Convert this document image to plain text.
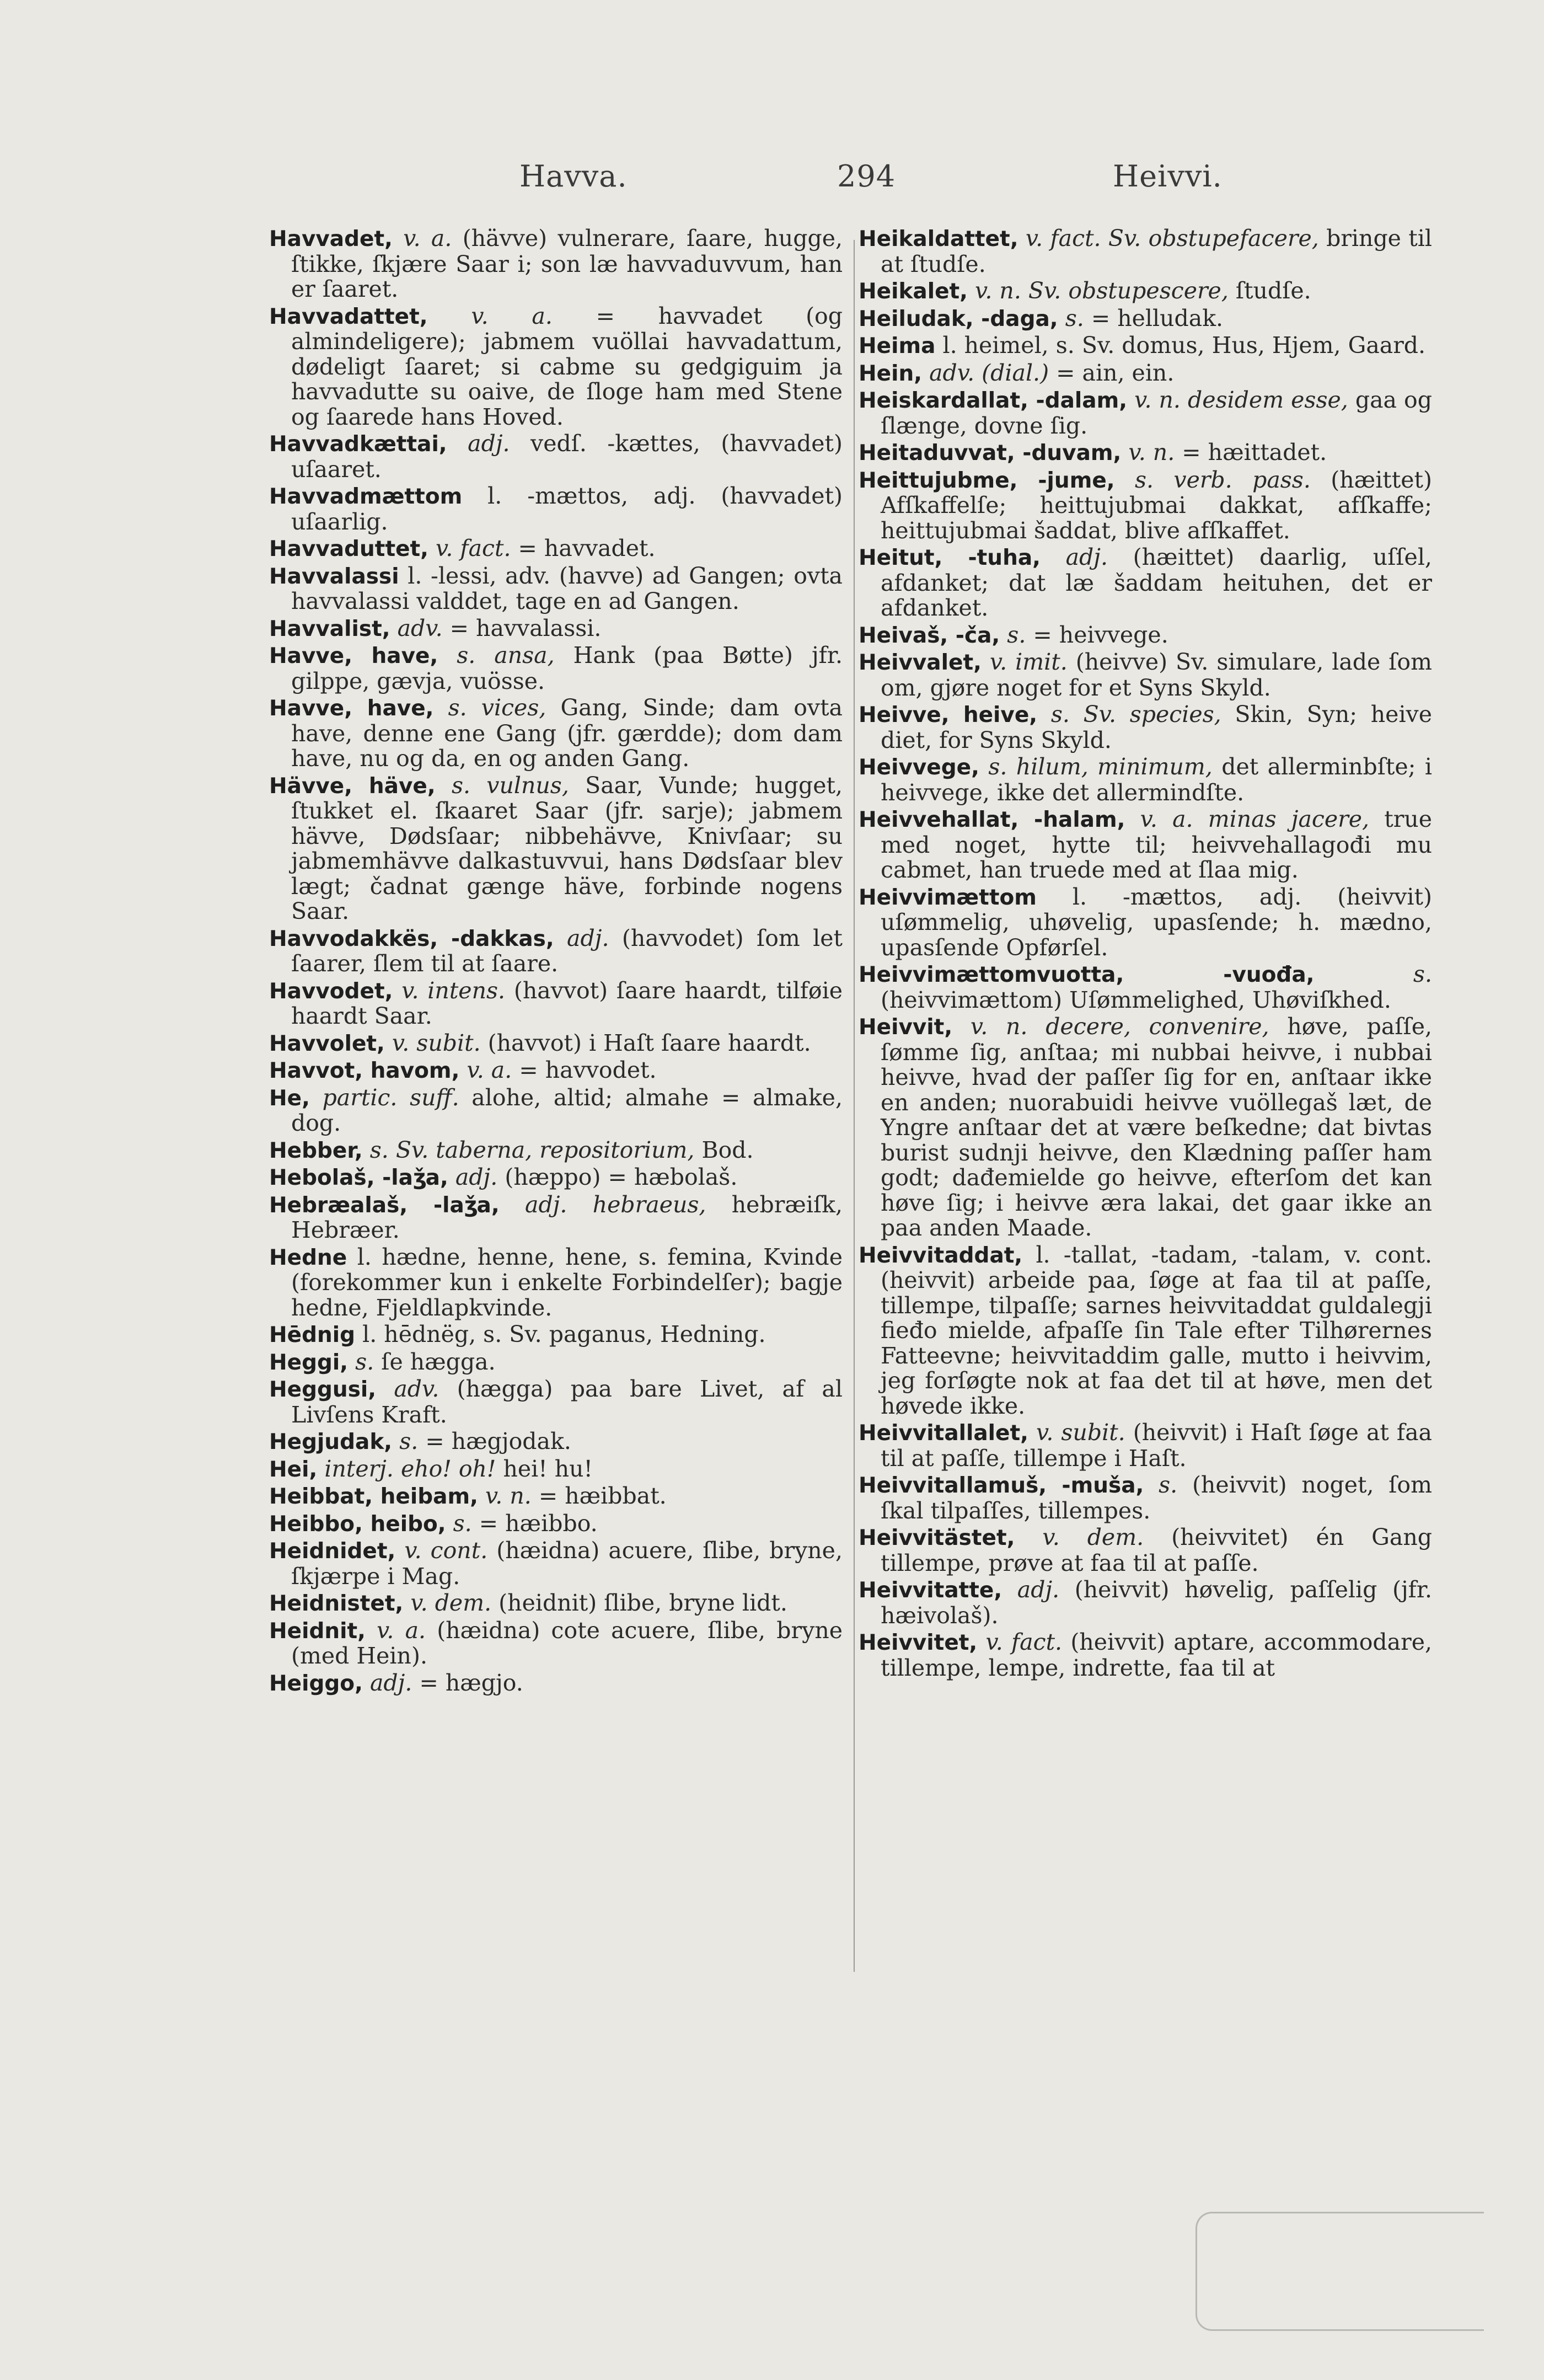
Havva.	294	Heivvi.

Havvadet, v. a. (hävve) vulnerare, ſaare, hugge, ſtikke, ſkjære Saar i; son læ havvaduvvum, han er ſaaret.

Havvadattet, v. a. = havvadet (og almindeligere); jabmem vuöllai havvadattum, dødeligt ſaaret; si cabme su gedgiguim ja havvadutte su oaive, de ſloge ham med Stene og ſaarede hans Hoved.

Havvadkættai, adj. vedſ. -kættes, (havvadet) uſaaret.

Havvadmættom l. -mættos, adj. (havvadet) uſaarlig.

Havvaduttet, v. fact. = havvadet.

Havvalassi l. -lessi, adv. (havve) ad Gangen; ovta havvalassi valddet, tage en ad Gangen.

Havvalist, adv. = havvalassi.

Havve, have, s. ansa, Hank (paa Bøtte) jfr. gilppe, gævja, vuösse.

Havve, have, s. vices, Gang, Sinde; dam ovta have, denne ene Gang (jfr. gærdde); dom dam have, nu og da, en og anden Gang.

Hävve, häve, s. vulnus, Saar, Vunde; hugget, ſtukket el. ſkaaret Saar (jfr. sarje); jabmem hävve, Dødsſaar; nibbehävve, Knivſaar; su jabmemhävve dalkastuvvui, hans Dødsſaar blev lægt; čadnat gænge häve, forbinde nogens Saar.

Havvodakkës, -dakkas, adj. (havvodet) ſom let ſaarer, ſlem til at ſaare.

Havvodet, v. intens. (havvot) ſaare haardt, tilføie haardt Saar.

Havvolet, v. subit. (havvot) i Haſt ſaare haardt.

Havvot, havom, v. a. = havvodet.

He, partic. suff. alohe, altid; almahe = almake, dog.

Hebber, s. Sv. taberna, repositorium, Bod.

Hebolaš, -laǯa, adj. (hæppo) = hæbolaš.

Hebræalaš, -laǯa, adj. hebraeus, hebræiſk, Hebræer.

Hedne l. hædne, henne, hene, s. femina, Kvinde (forekommer kun i enkelte Forbindelſer); bagje hedne, Fjeldlapkvinde.

Hēdnig l. hēdnëg, s. Sv. paganus, Hedning.

Heggi, s. ſe hægga.

Heggusi, adv. (hægga) paa bare Livet, af al Livſens Kraft.

Hegjudak, s. = hægjodak.

Hei, interj. eho! oh! hei! hu!

Heibbat, heibam, v. n. = hæibbat.

Heibbo, heibo, s. = hæibbo.

Heidnidet, v. cont. (hæidna) acuere, ſlibe, bryne, ſkjærpe i Mag.

Heidnistet, v. dem. (heidnit) ſlibe, bryne lidt.

Heidnit, v. a. (hæidna) cote acuere, ſlibe, bryne (med Hein).

Heiggo, adj. = hægjo.

Heikaldattet, v. fact. Sv. obstupefacere, bringe til at ſtudſe.

Heikalet, v. n. Sv. obstupescere, ſtudſe.

Heiludak, -daga, s. = helludak.

Heima l. heimel, s. Sv. domus, Hus, Hjem, Gaard.

Hein, adv. (dial.) = ain, ein.

Heiskardallat, -dalam, v. n. desidem esse, gaa og ſlænge, dovne ſig.

Heitaduvvat, -duvam, v. n. = hæittadet.

Heittujubme, -jume, s. verb. pass. (hæittet) Afſkaffelſe; heittujubmai dakkat, afſkaffe; heittujubmai šaddat, blive afſkaffet.

Heitut, -tuha, adj. (hæittet) daarlig, uſſel, afdanket; dat læ šaddam heituhen, det er afdanket.

Heivaš, -ča, s. = heivvege.

Heivvalet, v. imit. (heivve) Sv. simulare, lade ſom om, gjøre noget for et Syns Skyld.

Heivve, heive, s. Sv. species, Skin, Syn; heive diet, for Syns Skyld.

Heivvege, s. hilum, minimum, det allerminbſte; i heivvege, ikke det allermindſte.

Heivvehallat, -halam, v. a. minas jacere, true med noget, hytte til; heivvehallagođi mu cabmet, han truede med at ſlaa mig.

Heivvimættom l. -mættos, adj. (heivvit) uſømmelig, uhøvelig, upasſende; h. mædno, upasſende Opførſel.

Heivvimættomvuotta, -vuođa,	s. (heivvimættom) Uſømmelighed, Uhøviſkhed.

Heivvit, v. n. decere, convenire, høve, paſſe, ſømme ſig, anſtaa; mi nubbai heivve, i nubbai heivve, hvad der paſſer ſig for en, anſtaar ikke en anden; nuorabuidi heivve vuöllegaš læt, de Yngre anſtaar det at være beſkedne; dat bivtas burist sudnji heivve, den Klædning paſſer ham godt; dađemielde go heivve, efterſom det kan høve ſig; i heivve æra lakai, det gaar ikke an paa anden Maade.

Heivvitaddat, l. -tallat, -tadam, -talam, v. cont. (heivvit) arbeide paa, ſøge at faa til at paſſe, tillempe, tilpaſſe; sarnes heivvitaddat guldalegji fieđo mielde, afpaſſe ſin Tale efter Tilhørernes Fatteevne; heivvitaddim galle, mutto i heivvim, jeg forſøgte nok at faa det til at høve, men det høvede ikke.

Heivvitallalet, v. subit. (heivvit) i Haſt ſøge at faa til at paſſe, tillempe i Haſt.

Heivvitallamuš, -muša, s. (heivvit) noget, ſom ſkal tilpaſſes, tillempes.

Heivvitästet, v. dem. (heivvitet) én Gang tillempe, prøve at faa til at paſſe.

Heivvitatte, adj. (heivvit) høvelig, paſſelig (jfr. hæivolaš).

Heivvitet, v. fact. (heivvit) aptare, accommodare, tillempe, lempe, indrette, faa til at
